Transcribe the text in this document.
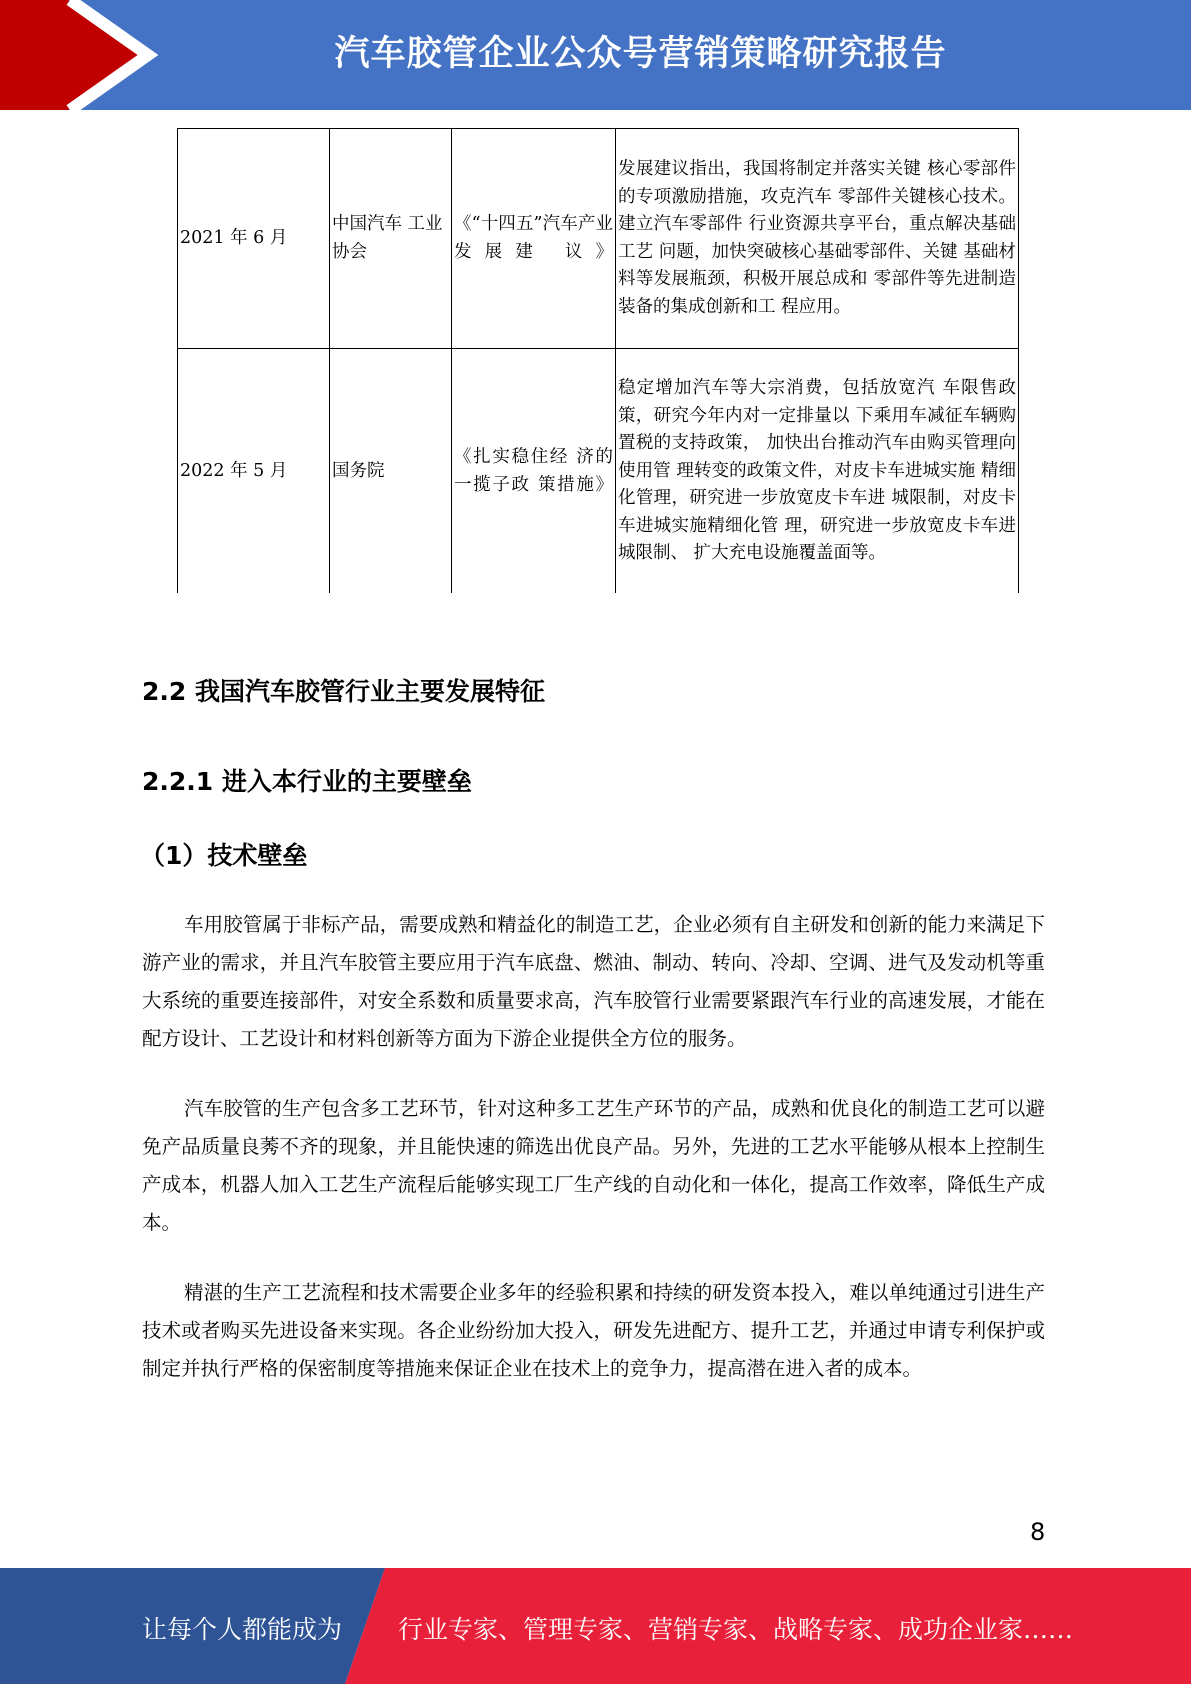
汽车胶管企业公众号营销策略研究报告
2021 年 6 月	中国汽车 工业协会	《“十四五”汽车产业发展建 议》	发展建议指出，我国将制定并落实关键 核心零部件的专项激励措施，攻克汽车 零部件关键核心技术。建立汽车零部件 行业资源共享平台，重点解决基础工艺 问题，加快突破核心基础零部件、关键 基础材料等发展瓶颈，积极开展总成和 零部件等先进制造装备的集成创新和工 程应用。
2022 年 5 月	国务院	《扎实稳住经 济的一揽子政 策措施》	稳定增加汽车等大宗消费，包括放宽汽 车限售政策，研究今年内对一定排量以 下乘用车减征车辆购置税的支持政策， 加快出台推动汽车由购买管理向使用管 理转变的政策文件，对皮卡车进城实施 精细化管理，研究进一步放宽皮卡车进 城限制，对皮卡车进城实施精细化管 理，研究进一步放宽皮卡车进城限制、 扩大充电设施覆盖面等。
2.2 我国汽车胶管行业主要发展特征
2.2.1 进入本行业的主要壁垒
（1）技术壁垒
车用胶管属于非标产品，需要成熟和精益化的制造工艺，企业必须有自主研发和创新的能力来满足下游产业的需求，并且汽车胶管主要应用于汽车底盘、燃油、制动、转向、冷却、空调、进气及发动机等重大系统的重要连接部件，对安全系数和质量要求高，汽车胶管行业需要紧跟汽车行业的高速发展，才能在配方设计、工艺设计和材料创新等方面为下游企业提供全方位的服务。
汽车胶管的生产包含多工艺环节，针对这种多工艺生产环节的产品，成熟和优良化的制造工艺可以避免产品质量良莠不齐的现象，并且能快速的筛选出优良产品。另外，先进的工艺水平能够从根本上控制生产成本，机器人加入工艺生产流程后能够实现工厂生产线的自动化和一体化，提高工作效率，降低生产成本。
精湛的生产工艺流程和技术需要企业多年的经验积累和持续的研发资本投入，难以单纯通过引进生产技术或者购买先进设备来实现。各企业纷纷加大投入，研发先进配方、提升工艺，并通过申请专利保护或制定并执行严格的保密制度等措施来保证企业在技术上的竞争力，提高潜在进入者的成本。
8
让每个人都能成为 行业专家、管理专家、营销专家、战略专家、成功企业家……
